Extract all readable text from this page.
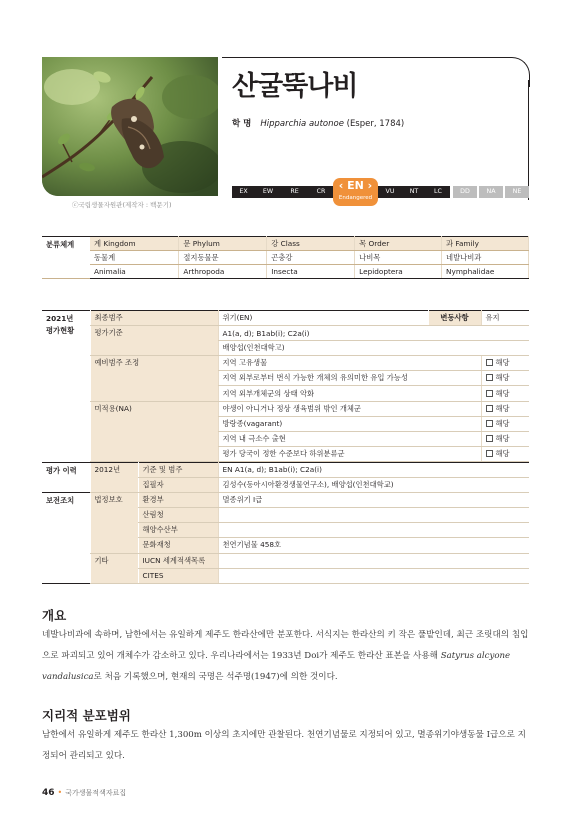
ⓒ국립생물자원관(제작자 : 백문기)
산굴뚝나비
학 명 Hipparchia autonoe (Esper, 1784)
EX	EW	RE	CR	‹ EN ›
Endangered
VU	NT	LC	DD	NA	NE
분류체계	계 Kingdom	문 Phylum	강 Class	목 Order	과 Family
	동물계	절지동물문	곤충강	나비목	네발나비과
	Animalia	Arthropoda	Insecta	Lepidoptera	Nymphalidae
2021년
평가현황	최종범주		위기(EN)	변동사항	유지
	평가기준		A1(a, d); B1ab(i); C2a(i)		
			배양섭(인천대학고)		
	예비범주 조정		지역 고유생물		해당
			지역 외부로부터 번식 가능한 개체의 유의미한 유입 가능성		해당
			지역 외부개체군의 상태 악화		해당
	미적용(NA)		야생이 아니거나 정상 생육범위 밖인 개체군		해당
			방랑종(vagarant)		해당
			지역 내 극소수 출현		해당
			평가 당국이 정한 수준보다 하위분류군		해당

평가 이력	2012년	기준 및 범주	EN A1(a, d); B1ab(i); C2a(i)		
		집필자	김성수(동아시아환경생물연구소), 배양섭(인천대학교)		
보전조치	법정보호	환경부	멸종위기 I급		
		산림청			
		해양수산부			
		문화재청	천연기념물 458호		
	기타	IUCN 세계적색목록			
		CITES			
개요

네발나비과에 속하며, 남한에서는 유일하게 제주도 한라산에만 분포한다. 서식지는 한라산의 키 작은 풀밭인데, 최근 조릿대의 침입으로 파괴되고 있어 개체수가 감소하고 있다. 우리나라에서는 1933년 Doi가 제주도 한라산 표본을 사용해 Satyrus alcyone vandalusica로 처음 기록했으며, 현재의 국명은 석주명(1947)에 의한 것이다.

지리적 분포범위

남한에서 유일하게 제주도 한라산 1,300m 이상의 초지에만 관찰된다. 천연기념물로 지정되어 있고, 멸종위기야생동물 I급으로 지정되어 관리되고 있다.

46 • 국가생물적색자료집
